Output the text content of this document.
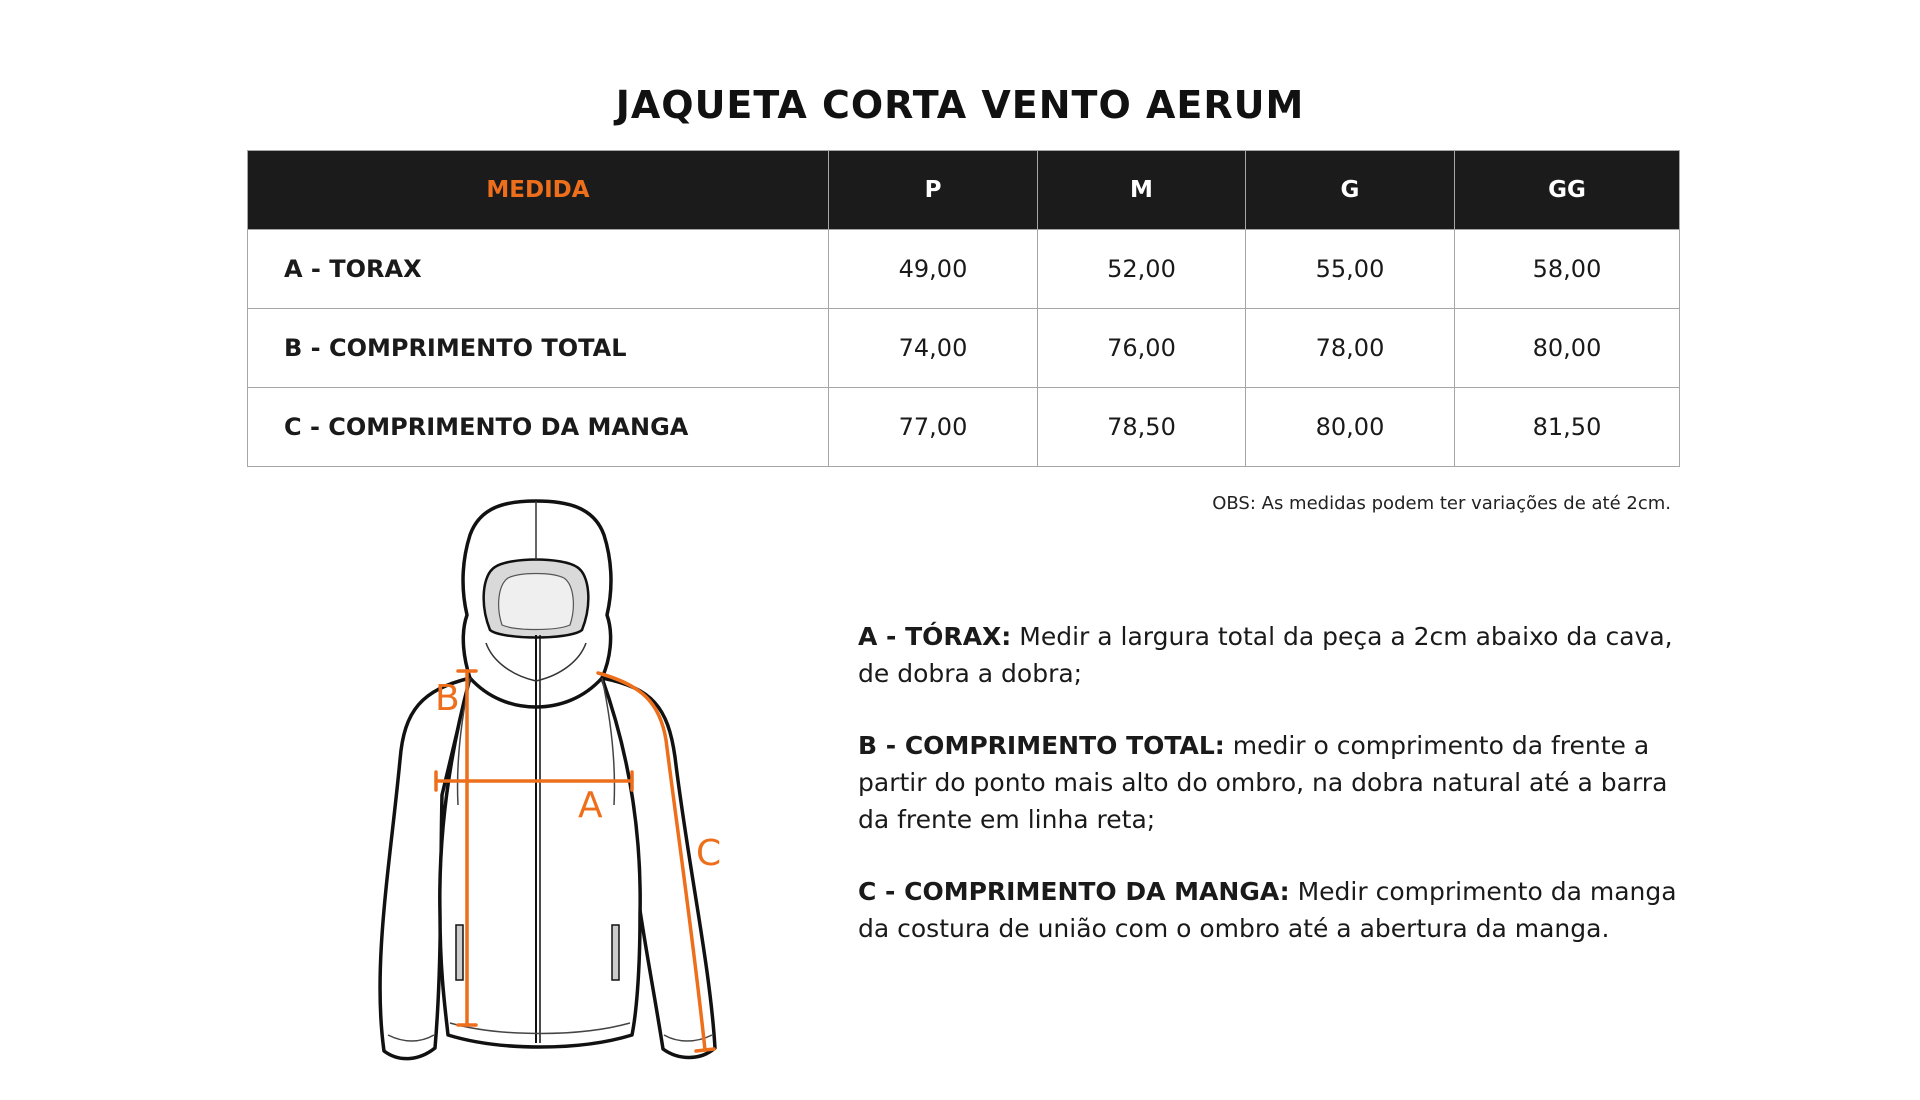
JAQUETA CORTA VENTO AERUM
MEDIDA	P	M	G	GG
A - TORAX	49,00	52,00	55,00	58,00
B - COMPRIMENTO TOTAL	74,00	76,00	78,00	80,00
C - COMPRIMENTO DA MANGA	77,00	78,50	80,00	81,50
OBS: As medidas podem ter variações de até 2cm.
B
A
C

A - TÓRAX: Medir a largura total da peça a 2cm abaixo da cava, de dobra a dobra;

B - COMPRIMENTO TOTAL: medir o comprimento da frente a partir do ponto mais alto do ombro, na dobra natural até a barra da frente em linha reta;

C - COMPRIMENTO DA MANGA: Medir comprimento da manga da costura de união com o ombro até a abertura da manga.
